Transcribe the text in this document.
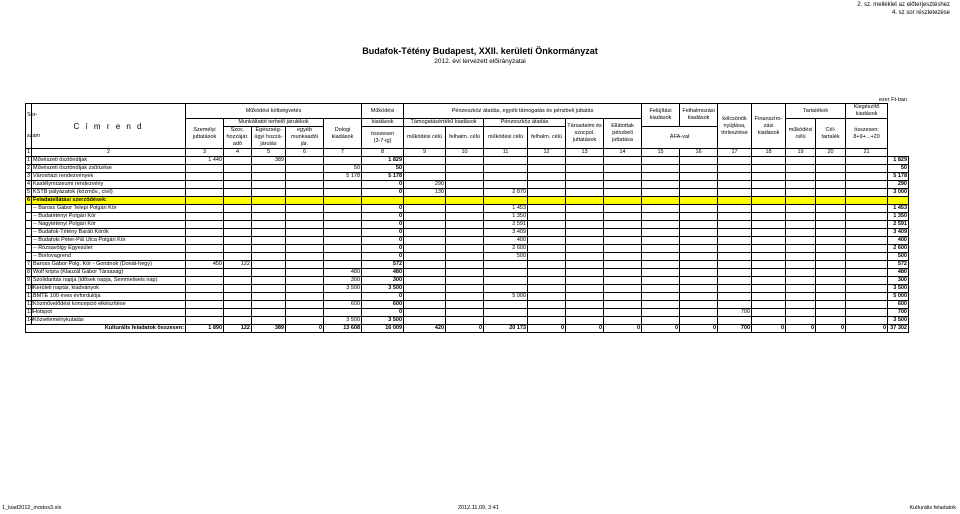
2. sz. melléklet az előterjesztéshez
4. sz sor részletezése
Budafok-Tétény Budapest, XXII. kerületi Önkormányzat
2012. évi tervezett előirányzatai
ezer Ft-ban
Sor-

szám	C í m r e n d	Működési költségvetés					Működési	Pénzeszköz átadás, egyéb támogatás és pénzbeli juttatás						Felújítási kiadások	Felhalmozási kiadások	kölcsönök nyújtása, törlesztése	Finanszíro-zási kiadások	Tartalékok		Kiegészítő
kiadások	
		Személyi juttatások	Munkáltatót terhelő járulékok			Dologi kiadások	kiadások	Támogatásértékű kiadások		Pénzeszköz átadás		Társadalmi és szocpol. juttatások	Ellátottak pénzbeli juttatása					működési célú	Cél-tartalék	összesen:
8+9+...+20	
			Szoc. hozzájár. adó	Egészség-ügyi hozzá-járulás	egyéb munkaadói jár.		összesen
(3-7-ig)	működési célú	felhalm. célú	működési célú	felhalm. célú			ÁFA-val							
1	2	3	4	5	6	7	8	9	10	11	12	13	14	15	16	17	18	19	20	21	
1	Művészeti ösztöndíjak	1 440		389			1 829														1 829
2	Művészeti ösztöndíjak zsűrizése					50	50														50
3	Városházi rendezvények					5 178	5 178														5 178
4	Kastélymúzeumi rendezvény						0	290													290
5	KSTB pályázatok (közműv., civil)						0	130		2 870											3 000
6	Feladatellátási szerződések:																				
	-- Baross Gábor Telepi Polgári Kör						0			1 453											1 453
	-- Budatétényi Polgári Kör						0			1 350											1 350
	-- Nagytétényi Polgári Kör						0			2 591											2 591
	-- Budafok-Tétény Baráti Körök						0			3 409											3 409
	-- Budafoki Péter-Pál Utca Polgári Kör						0			400											400
	-- Rózsavölgy Egyesület						0			2 600											2 600
	-- Borlovagrend						0			500											500
7	Baross Gábor Polg. Kör - Gondnok (Donát-hegy)	450	122				572														572
8	Wolf kripta (Klauzál Gábor Társaság)					480	480														480
9	Szolidaritás napja (idősek napja, Semmelweis nap)					300	300														300
10	Kerületi naptár, kiadványok					3 500	3 500														3 500
11	BMTE 100 éves évfordulója						0			5 000											5 000
12	Közművelődési koncepció elkészítése					600	600														600
13	Hotspot						0									700					700
14	Közvéleménykutatás					3 500	3 500														3 500
Kulturális feladatok összesen:		1 890	122	389	0	13 608	16 009	420	0	20 173	0	0	0	0	0	700	0	0	0	0	37 302
1_kiad2012_modos3.xls	2012.11.09, 3:41	Kulturális feladatok
